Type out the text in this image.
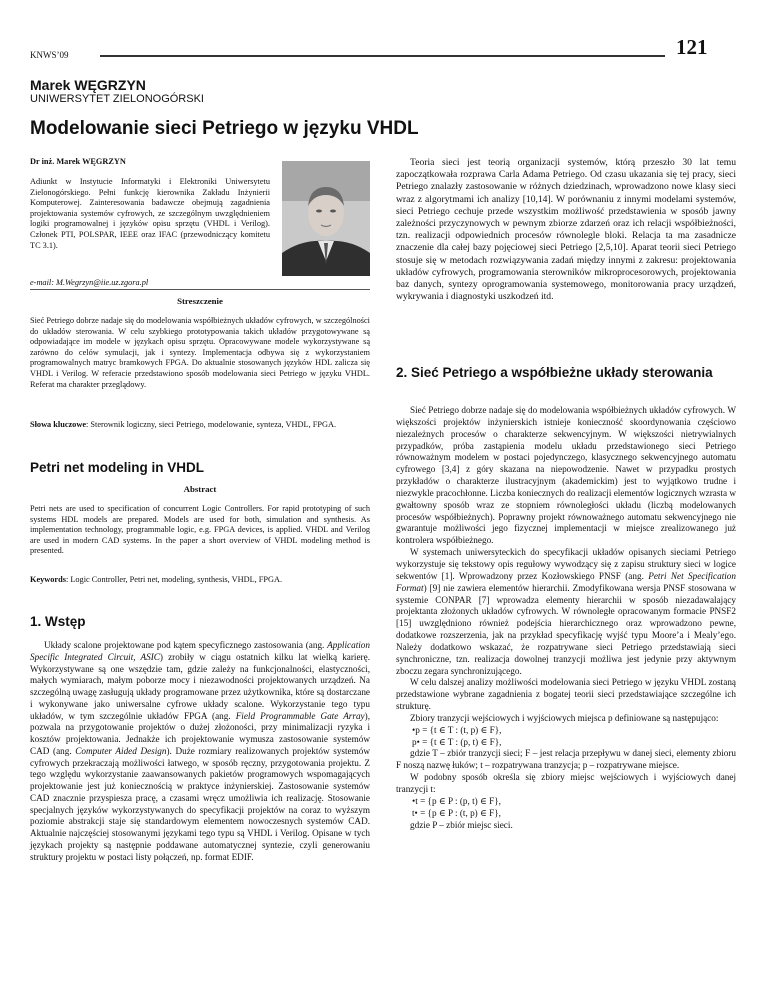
KNWS’09	121
Marek WĘGRZYN
UNIWERSYTET ZIELONOGÓRSKI
Modelowanie sieci Petriego w języku VHDL
Dr inż. Marek WĘGRZYN
Adiunkt w Instytucie Informatyki i Elektroniki Uniwersytetu Zielonogórskiego. Pełni funkcję kierownika Zakładu Inżynierii Komputerowej. Zainteresowania badawcze obejmują zagadnienia projektowania systemów cyfrowych, ze szczególnym uwzględnieniem logiki programowalnej i języków opisu sprzętu (VHDL i Verilog). Członek PTI, POLSPAR, IEEE oraz IFAC (przewodniczący komitetu TC 3.1).
e-mail: M.Wegrzyn@iie.uz.zgora.pl
Streszczenie
Sieć Petriego dobrze nadaje się do modelowania współbieżnych układów cyfrowych, w szczególności do układów sterowania. W celu szybkiego prototypowania takich układów przygotowywane są odpowiadające im modele w językach opisu sprzętu. Opracowywane modele wykorzystywane są zarówno do celów symulacji, jak i syntezy. Implementacja odbywa się z wykorzystaniem programowalnych matryc bramkowych FPGA. Do aktualnie stosowanych języków HDL zalicza się VHDL i Verilog. W referacie przedstawiono sposób modelowania sieci Petriego w języku VHDL. Referat ma charakter przeglądowy.
Słowa kluczowe: Sterownik logiczny, sieci Petriego, modelowanie, synteza, VHDL, FPGA.
Petri net modeling in VHDL
Abstract
Petri nets are used to specification of concurrent Logic Controllers. For rapid prototyping of such systems HDL models are prepared. Models are used for both, simulation and synthesis. As implementation technology, programmable logic, e.g. FPGA devices, is applied. VHDL and Verilog are used in modern CAD systems. In the paper a short overview of VHDL modeling method is presented.
Keywords: Logic Controller, Petri net, modeling, synthesis, VHDL, FPGA.
1. Wstęp

Układy scalone projektowane pod kątem specyficznego zastosowania (ang. Application Specific Integrated Circuit, ASIC) zrobiły w ciągu ostatnich kilku lat wielką karierę. Wykorzystywane są one wszędzie tam, gdzie zależy na funkcjonalności, elastyczności, małych wymiarach, małym poborze mocy i niezawodności projektowanych urządzeń. Na szczególną uwagę zasługują układy programowane przez użytkownika, które są dostarczane i wykonywane jako uniwersalne cyfrowe układy scalone. Wykorzystanie tego typu układów, w tym szczególnie układów FPGA (ang. Field Programmable Gate Array), pozwala na przygotowanie projektów o dużej złożoności, przy minimalizacji ryzyka i kosztów projektowania. Jednakże ich projektowanie wymusza zastosowanie systemów CAD (ang. Computer Aided Design). Duże rozmiary realizowanych projektów systemów cyfrowych przekraczają możliwości łatwego, w sposób ręczny, przygotowania projektu. Z tego względu wykorzystanie zaawansowanych pakietów programowych wspomagających projektowanie jest już koniecznością w praktyce inżynierskiej. Zastosowanie systemów CAD znacznie przyspiesza pracę, a czasami wręcz umożliwia ich realizację. Stosowanie specjalnych języków wykorzystywanych do specyfikacji projektów na coraz to wyższym poziomie abstrakcji staje się standardowym elementem nowoczesnych systemów CAD. Aktualnie najczęściej stosowanymi językami tego typu są VHDL i Verilog. Opisane w tych językach projekty są następnie poddawane automatycznej syntezie, czyli generowaniu struktury projektu w postaci listy połączeń, np. format EDIF.

Teoria sieci jest teorią organizacji systemów, którą przeszło 30 lat temu zapoczątkowała rozprawa Carla Adama Petriego. Od czasu ukazania się tej pracy, sieci Petriego znalazły zastosowanie w różnych dziedzinach, wprowadzono nowe klasy sieci wraz z algorytmami ich analizy [10,14]. W porównaniu z innymi modelami systemów, sieci Petriego cechuje przede wszystkim możliwość przedstawienia w sposób jawny zależności przyczynowych w pewnym zbiorze zdarzeń oraz ich relacji współbieżności, tzn. realizacji odpowiednich procesów równolegle bloki. Relacja ta ma zasadnicze znaczenie dla całej bazy pojęciowej sieci Petriego [2,5,10]. Aparat teorii sieci Petriego stosuje się w metodach rozwiązywania zadań między innymi z zakresu: projektowania układów cyfrowych, programowania sterowników mikroprocesorowych, projektowania baz danych, syntezy oprogramowania systemowego, monitorowania pracy urządzeń, wykrywania i diagnostyki uszkodzeń itd.

2. Sieć Petriego a współbieżne układy sterowania

Sieć Petriego dobrze nadaje się do modelowania współbieżnych układów cyfrowych. W większości projektów inżynierskich istnieje konieczność skoordynowania częściowo niezależnych procesów o charakterze sekwencyjnym. W większości nietrywialnych przypadków, próba zastąpienia modelu układu przedstawionego sieci Petriego równoważnym modelem w postaci pojedynczego, klasycznego sekwencyjnego automatu cyfrowego [3,4] z góry skazana na niepowodzenie. Nawet w przypadku prostych przykładów o charakterze ilustracyjnym (akademickim) jest to wyjątkowo trudne i niezwykle pracochłonne. Liczba koniecznych do realizacji elementów logicznych wzrasta w gwałtowny sposób wraz ze stopniem równoległości układu (liczbą modelowanych procesów współbieżnych). Poprawny projekt równoważnego automatu sekwencyjnego nie gwarantuje możliwości jego fizycznej implementacji w miejsce zrealizowanego już kontrolera współbieżnego.

W systemach uniwersyteckich do specyfikacji układów opisanych sieciami Petriego wykorzystuje się tekstowy opis regułowy wywodzący się z zapisu struktury sieci w logice sekwentów [1]. Wprowadzony przez Kozłowskiego PNSF (ang. Petri Net Specification Format) [9] nie zawiera elementów hierarchii. Zmodyfikowana wersja PNSF stosowana w systemie CONPAR [7] wprowadza elementy hierarchii w sposób niezadawalający projektanta złożonych układów cyfrowych. W równoległe opracowanym formacie PNSF2 [15] uwzględniono również podejścia hierarchicznego oraz wprowadzono pewne, dodatkowe rozszerzenia, jak na przykład specyfikację wyjść typu Moore’a i Mealy’ego. Należy dodatkowo wskazać, że rozpatrywane sieci Petriego przedstawiają sieci synchroniczne, tzn. realizacja dowolnej tranzycji możliwa jest jedynie przy aktywnym zboczu zegara synchronizującego.

W celu dalszej analizy możliwości modelowania sieci Petriego w języku VHDL zostaną przedstawione wybrane zagadnienia z bogatej teorii sieci przedstawiające szczególne ich strukturę.

Zbiory tranzycji wejściowych i wyjściowych miejsca p definiowane są następująco:

•p = {t ∈ T : (t, p) ∈ F},

p• = {t ∈ T : (p, t) ∈ F},

gdzie T – zbiór tranzycji sieci; F – jest relacja przepływu w danej sieci, elementy zbioru F noszą nazwę łuków; t – rozpatrywana tranzycja; p – rozpatrywane miejsce.

W podobny sposób określa się zbiory miejsc wejściowych i wyjściowych danej tranzycji t:

•t = {p ∈ P : (p, t) ∈ F},

t• = {p ∈ P : (t, p) ∈ F},

gdzie P – zbiór miejsc sieci.
